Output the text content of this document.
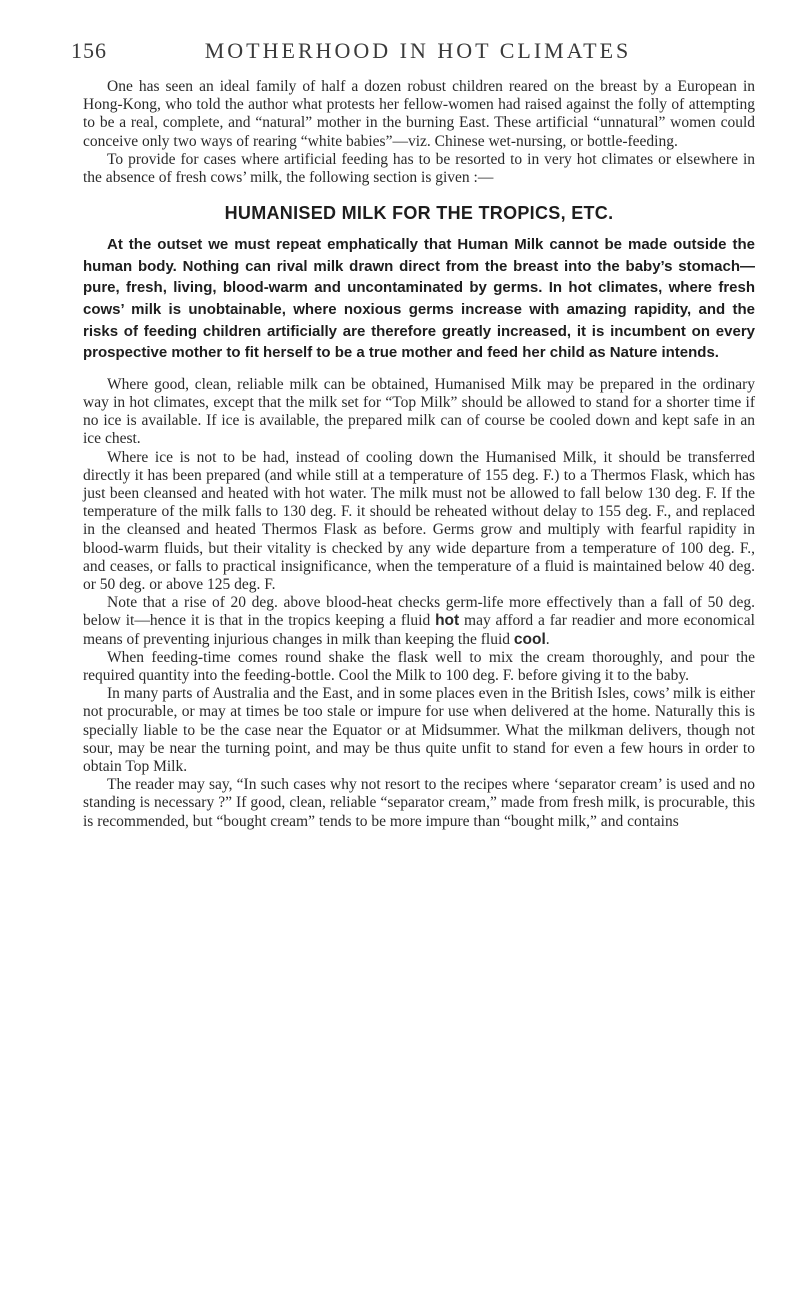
156	MOTHERHOOD IN HOT CLIMATES

One has seen an ideal family of half a dozen robust children reared on the breast by a European in Hong-Kong, who told the author what protests her fellow-women had raised against the folly of attempting to be a real, complete, and “natural” mother in the burning East. These artificial “unnatural” women could conceive only two ways of rearing “white babies”—viz. Chinese wet-nursing, or bottle-feeding.

To provide for cases where artificial feeding has to be resorted to in very hot climates or elsewhere in the absence of fresh cows’ milk, the following section is given :—

HUMANISED MILK FOR THE TROPICS, ETC.

At the outset we must repeat emphatically that Human Milk cannot be made outside the human body. Nothing can rival milk drawn direct from the breast into the baby’s stomach—pure, fresh, living, blood-warm and uncontaminated by germs. In hot climates, where fresh cows’ milk is unobtainable, where noxious germs increase with amazing rapidity, and the risks of feeding children artificially are therefore greatly increased, it is incumbent on every prospective mother to fit herself to be a true mother and feed her child as Nature intends.

Where good, clean, reliable milk can be obtained, Humanised Milk may be prepared in the ordinary way in hot climates, except that the milk set for “Top Milk” should be allowed to stand for a shorter time if no ice is available. If ice is available, the prepared milk can of course be cooled down and kept safe in an ice chest.

Where ice is not to be had, instead of cooling down the Humanised Milk, it should be transferred directly it has been prepared (and while still at a temperature of 155 deg. F.) to a Thermos Flask, which has just been cleansed and heated with hot water. The milk must not be allowed to fall below 130 deg. F. If the temperature of the milk falls to 130 deg. F. it should be reheated without delay to 155 deg. F., and replaced in the cleansed and heated Thermos Flask as before. Germs grow and multiply with fearful rapidity in blood-warm fluids, but their vitality is checked by any wide departure from a temperature of 100 deg. F., and ceases, or falls to practical insignificance, when the temperature of a fluid is maintained below 40 deg. or 50 deg. or above 125 deg. F.

Note that a rise of 20 deg. above blood-heat checks germ-life more effectively than a fall of 50 deg. below it—hence it is that in the tropics keeping a fluid hot may afford a far readier and more economical means of preventing injurious changes in milk than keeping the fluid cool.

When feeding-time comes round shake the flask well to mix the cream thoroughly, and pour the required quantity into the feeding-bottle. Cool the Milk to 100 deg. F. before giving it to the baby.

In many parts of Australia and the East, and in some places even in the British Isles, cows’ milk is either not procurable, or may at times be too stale or impure for use when delivered at the home. Naturally this is specially liable to be the case near the Equator or at Midsummer. What the milkman delivers, though not sour, may be near the turning point, and may be thus quite unfit to stand for even a few hours in order to obtain Top Milk.

The reader may say, “In such cases why not resort to the recipes where ‘separator cream’ is used and no standing is necessary ?” If good, clean, reliable “separator cream,” made from fresh milk, is procurable, this is recommended, but “bought cream” tends to be more impure than “bought milk,” and contains
